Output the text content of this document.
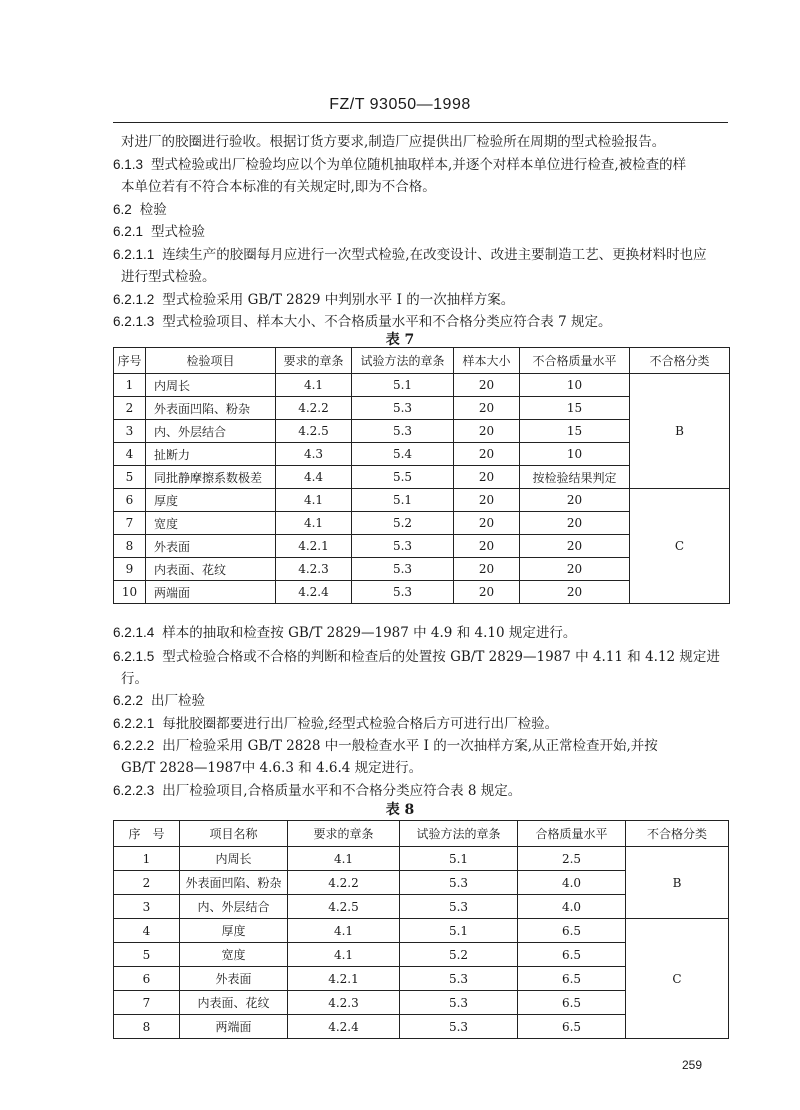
FZ/T 93050—1998
对进厂的胶圈进行验收。根据订货方要求,制造厂应提供出厂检验所在周期的型式检验报告。
6.1.3 型式检验或出厂检验均应以个为单位随机抽取样本,并逐个对样本单位进行检查,被检查的样
本单位若有不符合本标准的有关规定时,即为不合格。
6.2 检验
6.2.1 型式检验
6.2.1.1 连续生产的胶圈每月应进行一次型式检验,在改变设计、改进主要制造工艺、更换材料时也应
进行型式检验。
6.2.1.2 型式检验采用 GB/T 2829 中判别水平 I 的一次抽样方案。
6.2.1.3 型式检验项目、样本大小、不合格质量水平和不合格分类应符合表 7 规定。
表 7
序号	检验项目	要求的章条	试验方法的章条	样本大小	不合格质量水平	不合格分类
1	内周长	4.1	5.1	20	10	B
2	外表面凹陷、粉杂	4.2.2	5.3	20	15	
3	内、外层结合	4.2.5	5.3	20	15	
4	扯断力	4.3	5.4	20	10	
5	同批静摩擦系数极差	4.4	5.5	20	按检验结果判定	
6	厚度	4.1	5.1	20	20	C
7	宽度	4.1	5.2	20	20	
8	外表面	4.2.1	5.3	20	20	
9	内表面、花纹	4.2.3	5.3	20	20	
10	两端面	4.2.4	5.3	20	20	
6.2.1.4 样本的抽取和检查按 GB/T 2829—1987 中 4.9 和 4.10 规定进行。
6.2.1.5 型式检验合格或不合格的判断和检查后的处置按 GB/T 2829—1987 中 4.11 和 4.12 规定进
行。
6.2.2 出厂检验
6.2.2.1 每批胶圈都要进行出厂检验,经型式检验合格后方可进行出厂检验。
6.2.2.2 出厂检验采用 GB/T 2828 中一般检查水平 I 的一次抽样方案,从正常检查开始,并按
GB/T 2828—1987中 4.6.3 和 4.6.4 规定进行。
6.2.2.3 出厂检验项目,合格质量水平和不合格分类应符合表 8 规定。
表 8
序　号	项目名称	要求的章条	试验方法的章条	合格质量水平	不合格分类
1	内周长	4.1	5.1	2.5	B
2	外表面凹陷、粉杂	4.2.2	5.3	4.0	
3	内、外层结合	4.2.5	5.3	4.0	
4	厚度	4.1	5.1	6.5	C
5	宽度	4.1	5.2	6.5	
6	外表面	4.2.1	5.3	6.5	
7	内表面、花纹	4.2.3	5.3	6.5	
8	两端面	4.2.4	5.3	6.5	
259
